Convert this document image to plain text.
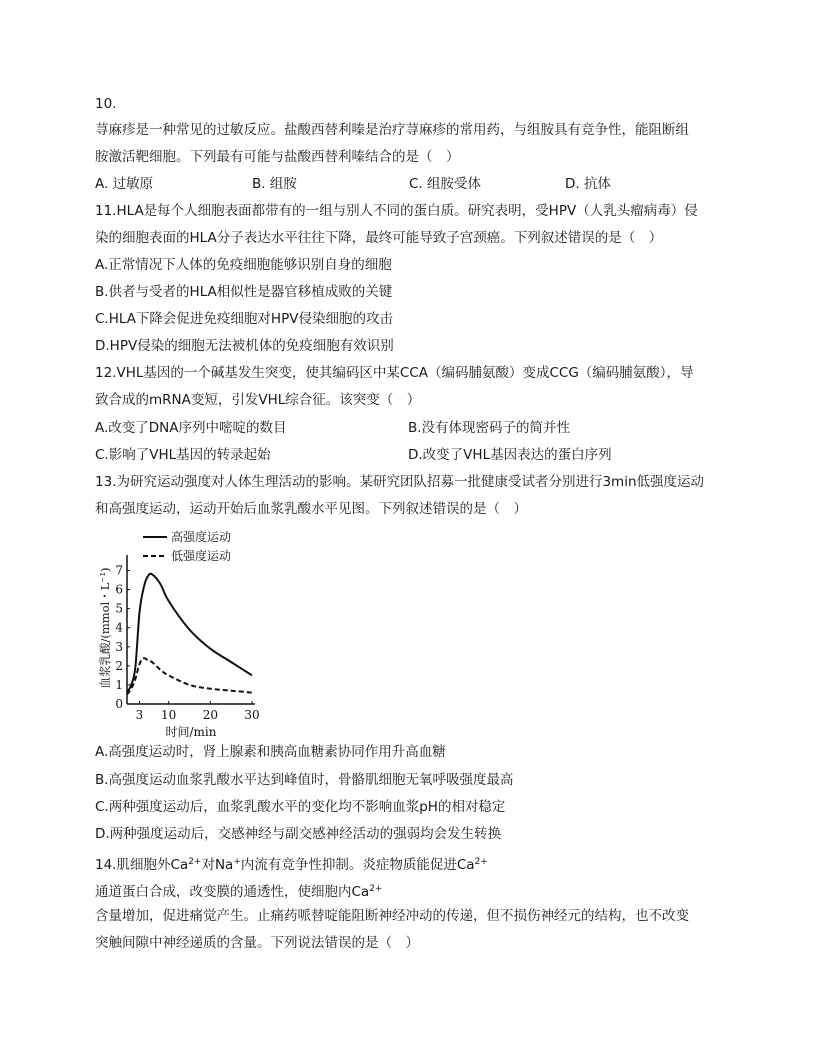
10.
荨麻疹是一种常见的过敏反应。盐酸西替利嗪是治疗荨麻疹的常用药，与组胺具有竞争性，能阻断组
胺激活靶细胞。下列最有可能与盐酸西替利嗪结合的是（　）
A. 过敏原	B. 组胺	C. 组胺受体	D. 抗体
11.HLA是每个人细胞表面都带有的一组与别人不同的蛋白质。研究表明，受HPV（人乳头瘤病毒）侵
染的细胞表面的HLA分子表达水平往往下降，最终可能导致子宫颈癌。下列叙述错误的是（　）
A.正常情况下人体的免疫细胞能够识别自身的细胞
B.供者与受者的HLA相似性是器官移植成败的关键
C.HLA下降会促进免疫细胞对HPV侵染细胞的攻击
D.HPV侵染的细胞无法被机体的免疫细胞有效识别
12.VHL基因的一个碱基发生突变，使其编码区中某CCA（编码脯氨酸）变成CCG（编码脯氨酸），导
致合成的mRNA变短，引发VHL综合征。该突变（　）
A.改变了DNA序列中嘧啶的数目	B.没有体现密码子的简并性
C.影响了VHL基因的转录起始	D.改变了VHL基因表达的蛋白序列
13.为研究运动强度对人体生理活动的影响。某研究团队招募一批健康受试者分别进行3min低强度运动
和高强度运动，运动开始后血浆乳酸水平见图。下列叙述错误的是（　）
高强度运动
低强度运动
血浆乳酸/(mmol・L⁻¹)
时间/min
0
1
2
3
4
5
6
7
3 10 20 30
A.高强度运动时，肾上腺素和胰高血糖素协同作用升高血糖
B.高强度运动血浆乳酸水平达到峰值时，骨骼肌细胞无氧呼吸强度最高
C.两种强度运动后，血浆乳酸水平的变化均不影响血浆pH的相对稳定
D.两种强度运动后，交感神经与副交感神经活动的强弱均会发生转换
14.肌细胞外$Ca^{2+}$对Na+内流有竞争性抑制。炎症物质能促进$Ca^{2+}$
通道蛋白合成，改变膜的通透性，使细胞内$Ca^{2+}$
含量增加，促进痛觉产生。止痛药哌替啶能阻断神经冲动的传递，但不损伤神经元的结构，也不改变
突触间隙中神经递质的含量。下列说法错误的是（　）
